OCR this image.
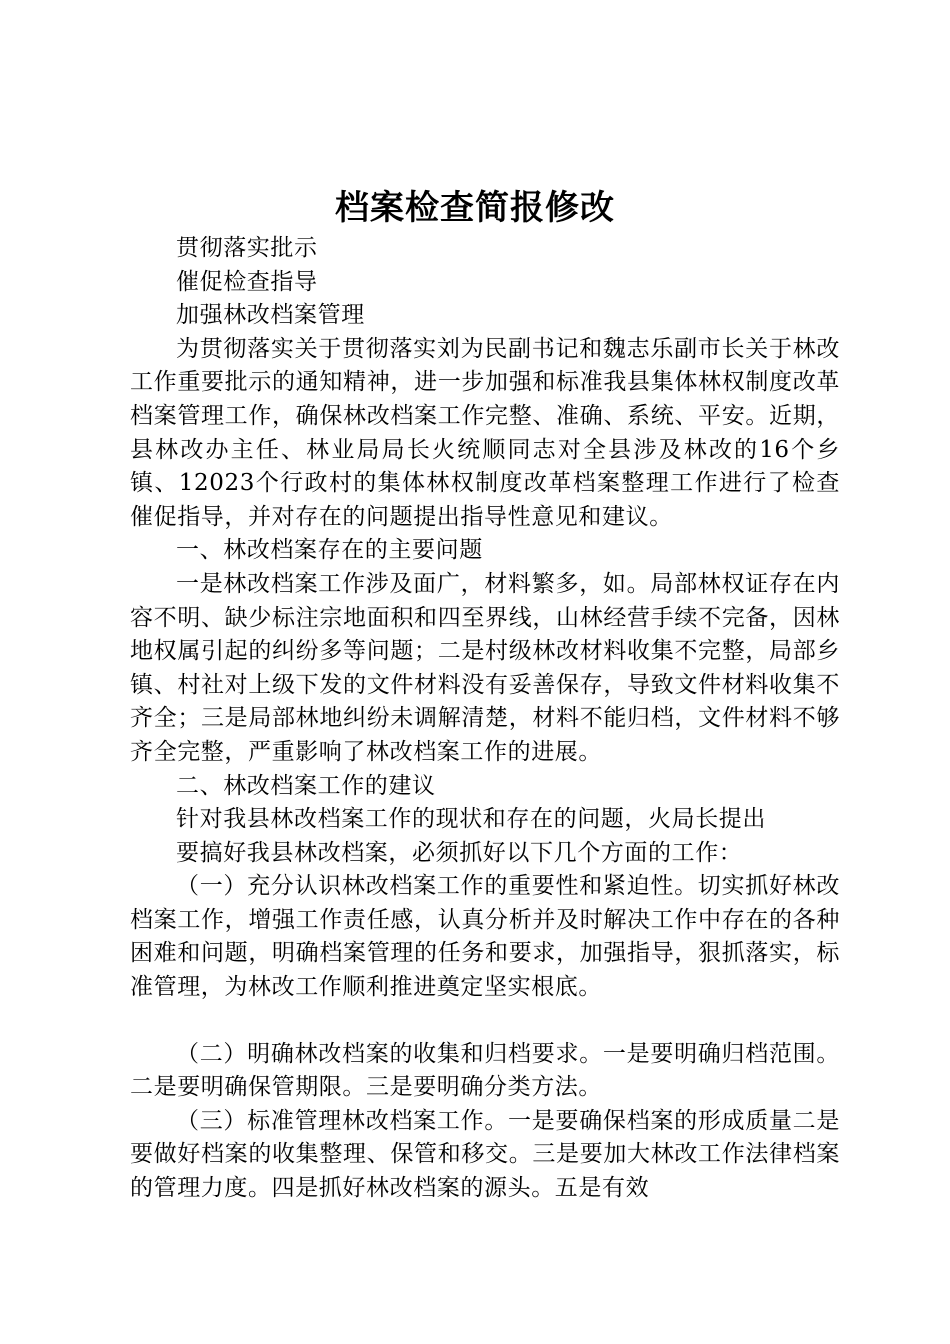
档案检查简报修改

贯彻落实批示

催促检查指导

加强林改档案管理

为贯彻落实关于贯彻落实刘为民副书记和魏志乐副市长关于林改工作重要批示的通知精神，进一步加强和标准我县集体林权制度改革档案管理工作，确保林改档案工作完整、准确、系统、平安。近期，县林改办主任、林业局局长火统顺同志对全县涉及林改的16个乡镇、12023个行政村的集体林权制度改革档案整理工作进行了检查催促指导，并对存在的问题提出指导性意见和建议。

一、林改档案存在的主要问题

一是林改档案工作涉及面广，材料繁多，如。局部林权证存在内容不明、缺少标注宗地面积和四至界线，山林经营手续不完备，因林地权属引起的纠纷多等问题；二是村级林改材料收集不完整，局部乡镇、村社对上级下发的文件材料没有妥善保存，导致文件材料收集不齐全；三是局部林地纠纷未调解清楚，材料不能归档，文件材料不够齐全完整，严重影响了林改档案工作的进展。

二、林改档案工作的建议

针对我县林改档案工作的现状和存在的问题，火局长提出

要搞好我县林改档案，必须抓好以下几个方面的工作：

（一）充分认识林改档案工作的重要性和紧迫性。切实抓好林改档案工作，增强工作责任感，认真分析并及时解决工作中存在的各种困难和问题，明确档案管理的任务和要求，加强指导，狠抓落实，标准管理，为林改工作顺利推进奠定坚实根底。

（二）明确林改档案的收集和归档要求。一是要明确归档范围。二是要明确保管期限。三是要明确分类方法。

（三）标准管理林改档案工作。一是要确保档案的形成质量二是要做好档案的收集整理、保管和移交。三是要加大林改工作法律档案的管理力度。四是抓好林改档案的源头。五是有效
